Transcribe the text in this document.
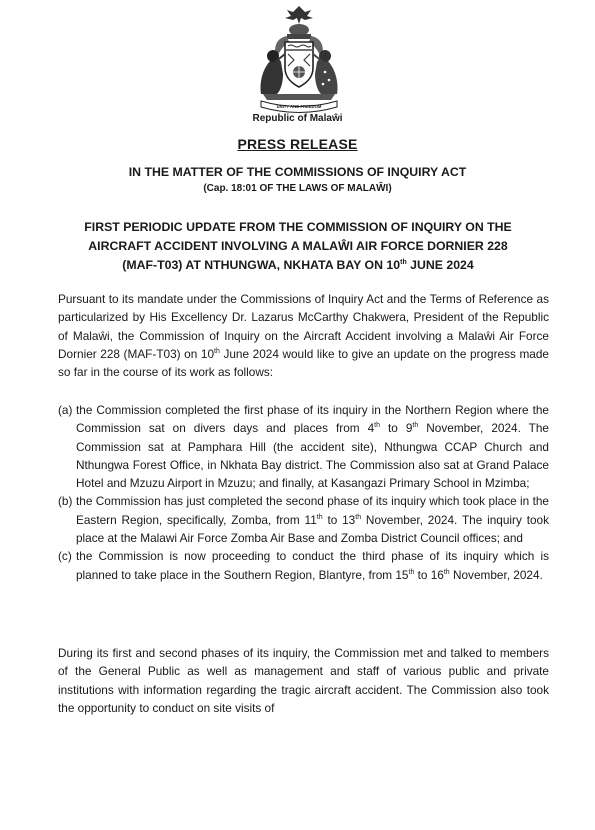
UNITY AND FREEDOM
Republic of Malaŵi
PRESS RELEASE
IN THE MATTER OF THE COMMISSIONS OF INQUIRY ACT
(Cap. 18:01 OF THE LAWS OF MALAŴI)
FIRST PERIODIC UPDATE FROM THE COMMISSION OF INQUIRY ON THE
AIRCRAFT ACCIDENT INVOLVING A MALAŴI AIR FORCE DORNIER 228
(MAF-T03) AT NTHUNGWA, NKHATA BAY ON 10th JUNE 2024
Pursuant to its mandate under the Commissions of Inquiry Act and the Terms of Reference as particularized by His Excellency Dr. Lazarus McCarthy Chakwera, President of the Republic of Malaŵi, the Commission of Inquiry on the Aircraft Accident involving a Malaŵi Air Force Dornier 228 (MAF-T03) on 10th June 2024 would like to give an update on the progress made so far in the course of its work as follows:
(a) the Commission completed the first phase of its inquiry in the Northern Region where the Commission sat on divers days and places from 4th to 9th November, 2024. The Commission sat at Pamphara Hill (the accident site), Nthungwa CCAP Church and Nthungwa Forest Office, in Nkhata Bay district. The Commission also sat at Grand Palace Hotel and Mzuzu Airport in Mzuzu; and finally, at Kasangazi Primary School in Mzimba;
(b) the Commission has just completed the second phase of its inquiry which took place in the Eastern Region, specifically, Zomba, from 11th to 13th November, 2024. The inquiry took place at the Malawi Air Force Zomba Air Base and Zomba District Council offices; and
(c) the Commission is now proceeding to conduct the third phase of its inquiry which is planned to take place in the Southern Region, Blantyre, from 15th to 16th November, 2024.
During its first and second phases of its inquiry, the Commission met and talked to members of the General Public as well as management and staff of various public and private institutions with information regarding the tragic aircraft accident. The Commission also took the opportunity to conduct on site visits of
